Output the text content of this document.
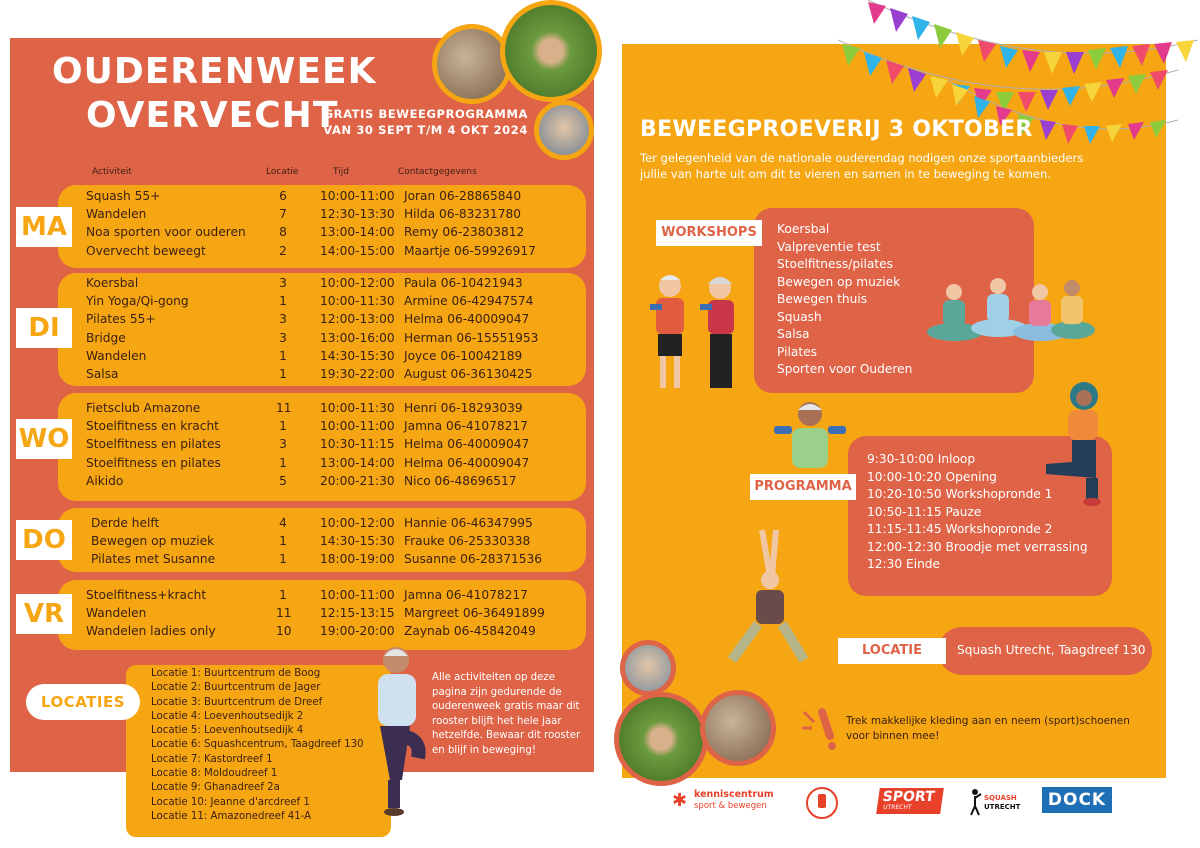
OUDERENWEEK
OVERVECHT
GRATIS BEWEEGPROGRAMMA
VAN 30 SEPT T/M 4 OKT 2024
Activiteit	Locatie	Tijd	Contactgegevens
MA
Squash 55+	6	10:00-11:00 Joran 06-28865840
Wandelen	7	12:30-13:30 Hilda 06-83231780
Noa sporten voor ouderen	8	13:00-14:00 Remy 06-23803812
Overvecht beweegt	2	14:00-15:00 Maartje 06-59926917
DI
Koersbal	3	10:00-12:00 Paula 06-10421943
Yin Yoga/Qi-gong	1	10:00-11:30 Armine 06-42947574
Pilates 55+	3	12:00-13:00 Helma 06-40009047
Bridge	3	13:00-16:00 Herman 06-15551953
Wandelen	1	14:30-15:30 Joyce 06-10042189
Salsa	1	19:30-22:00 August 06-36130425
WO
Fietsclub Amazone	11 10:00-11:30 Henri 06-18293039
Stoelfitness en kracht	1	10:00-11:00 Jamna 06-41078217
Stoelfitness en pilates	3	10:30-11:15 Helma 06-40009047
Stoelfitness en pilates	1	13:00-14:00 Helma 06-40009047
Aikido	5	20:00-21:30 Nico 06-48696517
DO
Derde helft	4	10:00-12:00 Hannie 06-46347995
Bewegen op muziek	1	14:30-15:30 Frauke 06-25330338
Pilates met Susanne	1	18:00-19:00 Susanne 06-28371536
VR
Stoelfitness+kracht	1	10:00-11:00 Jamna 06-41078217
Wandelen	11 12:15-13:15 Margreet 06-36491899
Wandelen ladies only	10 19:00-20:00 Zaynab 06-45842049
LOCATIES
Locatie 1: Buurtcentrum de Boog
Locatie 2: Buurtcentrum de Jager
Locatie 3: Buurtcentrum de Dreef
Locatie 4: Loevenhoutsedijk 2
Locatie 5: Loevenhoutsedijk 4
Locatie 6: Squashcentrum, Taagdreef 130
Locatie 7: Kastordreef 1
Locatie 8: Moldoudreef 1
Locatie 9: Ghanadreef 2a
Locatie 10: Jeanne d'arcdreef 1
Locatie 11: Amazonedreef 41-A
Alle activiteiten op deze pagina zijn gedurende de ouderenweek gratis maar dit rooster blijft het hele jaar hetzelfde. Bewaar dit rooster en blijf in beweging!
BEWEEGPROEVERIJ 3 OKTOBER
Ter gelegenheid van de nationale ouderendag nodigen onze sportaanbieders jullie van harte uit om dit te vieren en samen in te beweging te komen.
WORKSHOPS	Koersbal
Valpreventie test
Stoelfitness/pilates
Bewegen op muziek
Bewegen thuis
Squash
Salsa
Pilates
Sporten voor Ouderen
PROGRAMMA
9:30-10:00 Inloop
10:00-10:20 Opening
10:20-10:50 Workshopronde 1
10:50-11:15 Pauze
11:15-11:45 Workshopronde 2
12:00-12:30 Broodje met verrassing
12:30 Einde
LOCATIE	Squash Utrecht, Taagdreef 130
Trek makkelijke kleding aan en neem (sport)schoenen voor binnen mee!
✱ kenniscentrum
sport & bewegen
SPORT
UTRECHT
SQUASH
UTRECHT	DOCK
